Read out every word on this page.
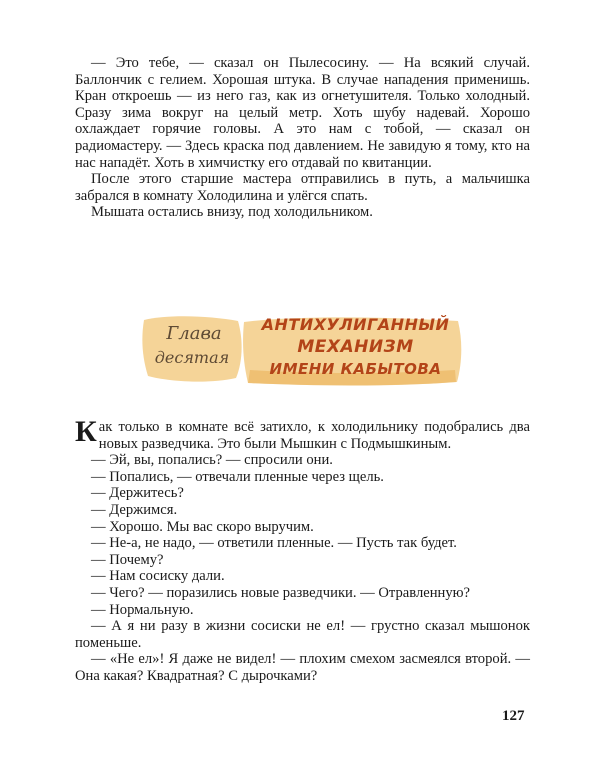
— Это тебе, — сказал он Пылесосину. — На всякий случай. Баллончик с гелием. Хорошая штука. В случае нападения применишь. Кран откроешь — из него газ, как из огнетушителя. Только холодный. Сразу зима вокруг на целый метр. Хоть шубу надевай. Хорошо охлаждает горячие головы. А это нам с тобой, — сказал он радиомастеру. — Здесь краска под давлением. Не завидую я тому, кто на нас нападёт. Хоть в химчистку его отдавай по квитанции.

После этого старшие мастера отправились в путь, а мальчишка забрался в комнату Холодилина и улёгся спать.

Мышата остались внизу, под холодильником.

Глава
десятая
АНТИХУЛИГАННЫЙ
МЕХАНИЗМ
ИМЕНИ КАБЫТОВА

Как только в комнате всё затихло, к холодильнику подобрались два новых разведчика. Это были Мышкин с Подмышкиным.

— Эй, вы, попались? — спросили они.

— Попались, — отвечали пленные через щель.

— Держитесь?

— Держимся.

— Хорошо. Мы вас скоро выручим.

— Не-а, не надо, — ответили пленные. — Пусть так будет.

— Почему?

— Нам сосиску дали.

— Чего? — поразились новые разведчики. — Отравленную?

— Нормальную.

— А я ни разу в жизни сосиски не ел! — грустно сказал мышонок поменьше.

— «Не ел»! Я даже не видел! — плохим смехом засмеялся второй. — Она какая? Квадратная? С дырочками?

127
